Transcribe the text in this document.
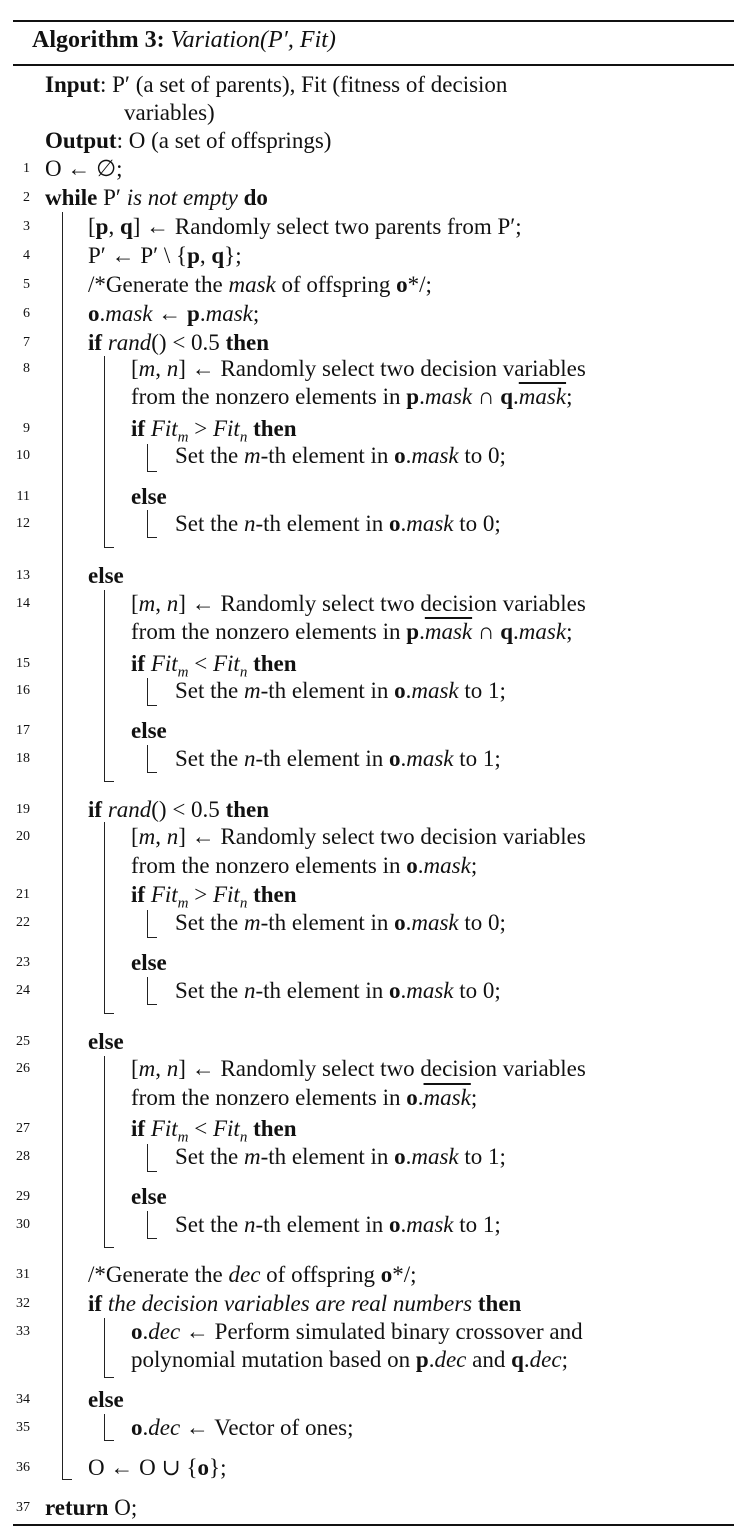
Algorithm 3: Variation(P′, Fit)
Input: P′ (a set of parents), Fit (fitness of decision
variables)
Output: O (a set of offsprings)
1 O ← ∅;
2 while P′ is not empty do
3	[p, q] ← Randomly select two parents from P′;
4	P′ ← P′ \ {p, q};
5	/*Generate the mask of offspring o*/;
6	o.mask ← p.mask;
7	if rand() < 0.5 then
8	[m, n] ← Randomly select two decision variables
from the nonzero elements in p.mask ∩ q.mask;
9	if Fit$_m$ > Fit$_n$ then
10	Set the m-th element in o.mask to 0;
11	else
12	Set the n-th element in o.mask to 0;
13	else
14	[m, n] ← Randomly select two decision variables
from the nonzero elements in p.mask ∩ q.mask;
15	if Fit$_m$ < Fit$_n$ then
16	Set the m-th element in o.mask to 1;
17	else
18	Set the n-th element in o.mask to 1;
19	if rand() < 0.5 then
20	[m, n] ← Randomly select two decision variables
from the nonzero elements in o.mask;
21	if Fit$_m$ > Fit$_n$ then
22	Set the m-th element in o.mask to 0;
23	else
24	Set the n-th element in o.mask to 0;
25	else
26	[m, n] ← Randomly select two decision variables
from the nonzero elements in o.mask;
27	if Fit$_m$ < Fit$_n$ then
28	Set the m-th element in o.mask to 1;
29	else
30	Set the n-th element in o.mask to 1;
31	/*Generate the dec of offspring o*/;
32	if the decision variables are real numbers then
33	o.dec ← Perform simulated binary crossover and
polynomial mutation based on p.dec and q.dec;
34	else
35	o.dec ← Vector of ones;
36	O ← O ∪ {o};
37 return O;
